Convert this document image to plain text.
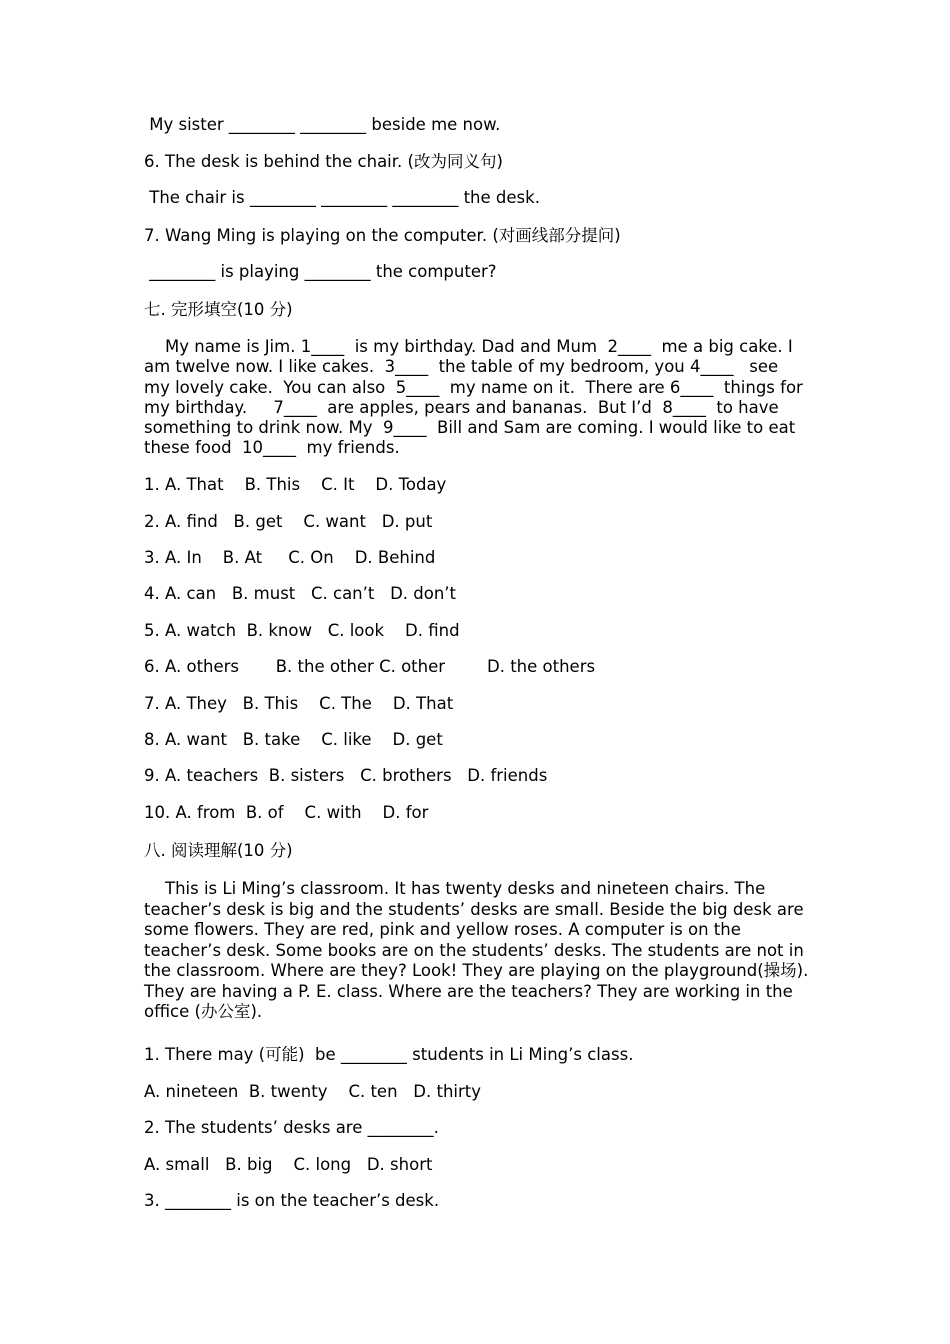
My sister ________ ________ beside me now.
6. The desk is behind the chair. (改为同义句)
The chair is ________ ________ ________ the desk.
7. Wang Ming is playing on the computer. (对画线部分提问)
________ is playing ________ the computer?
七. 完形填空(10 分)
My name is Jim. 1____  is my birthday. Dad and Mum  2____  me a big cake. I am twelve now. I like cakes.  3____  the table of my bedroom, you 4____   see my lovely cake.  You can also  5____  my name on it.  There are 6____  things for my birthday.     7____  are apples, pears and bananas.  But I’d  8____  to have something to drink now. My  9____  Bill and Sam are coming. I would like to eat these food  10____  my friends.
1. A. That    B. This    C. It    D. Today
2. A. find   B. get    C. want   D. put
3. A. In    B. At     C. On    D. Behind
4. A. can   B. must   C. can’t   D. don’t
5. A. watch  B. know   C. look    D. find
6. A. others       B. the other C. other        D. the others
7. A. They   B. This    C. The    D. That
8. A. want   B. take    C. like    D. get
9. A. teachers  B. sisters   C. brothers   D. friends
10. A. from  B. of    C. with    D. for
八. 阅读理解(10 分)
This is Li Ming’s classroom. It has twenty desks and nineteen chairs. The teacher’s desk is big and the students’ desks are small. Beside the big desk are some flowers. They are red, pink and yellow roses. A computer is on the teacher’s desk. Some books are on the students’ desks. The students are not in the classroom. Where are they? Look! They are playing on the playground(操场). They are having a P. E. class. Where are the teachers? They are working in the office (办公室).
1. There may (可能)  be ________ students in Li Ming’s class.
A. nineteen  B. twenty    C. ten   D. thirty
2. The students’ desks are ________.
A. small   B. big    C. long   D. short
3. ________ is on the teacher’s desk.
